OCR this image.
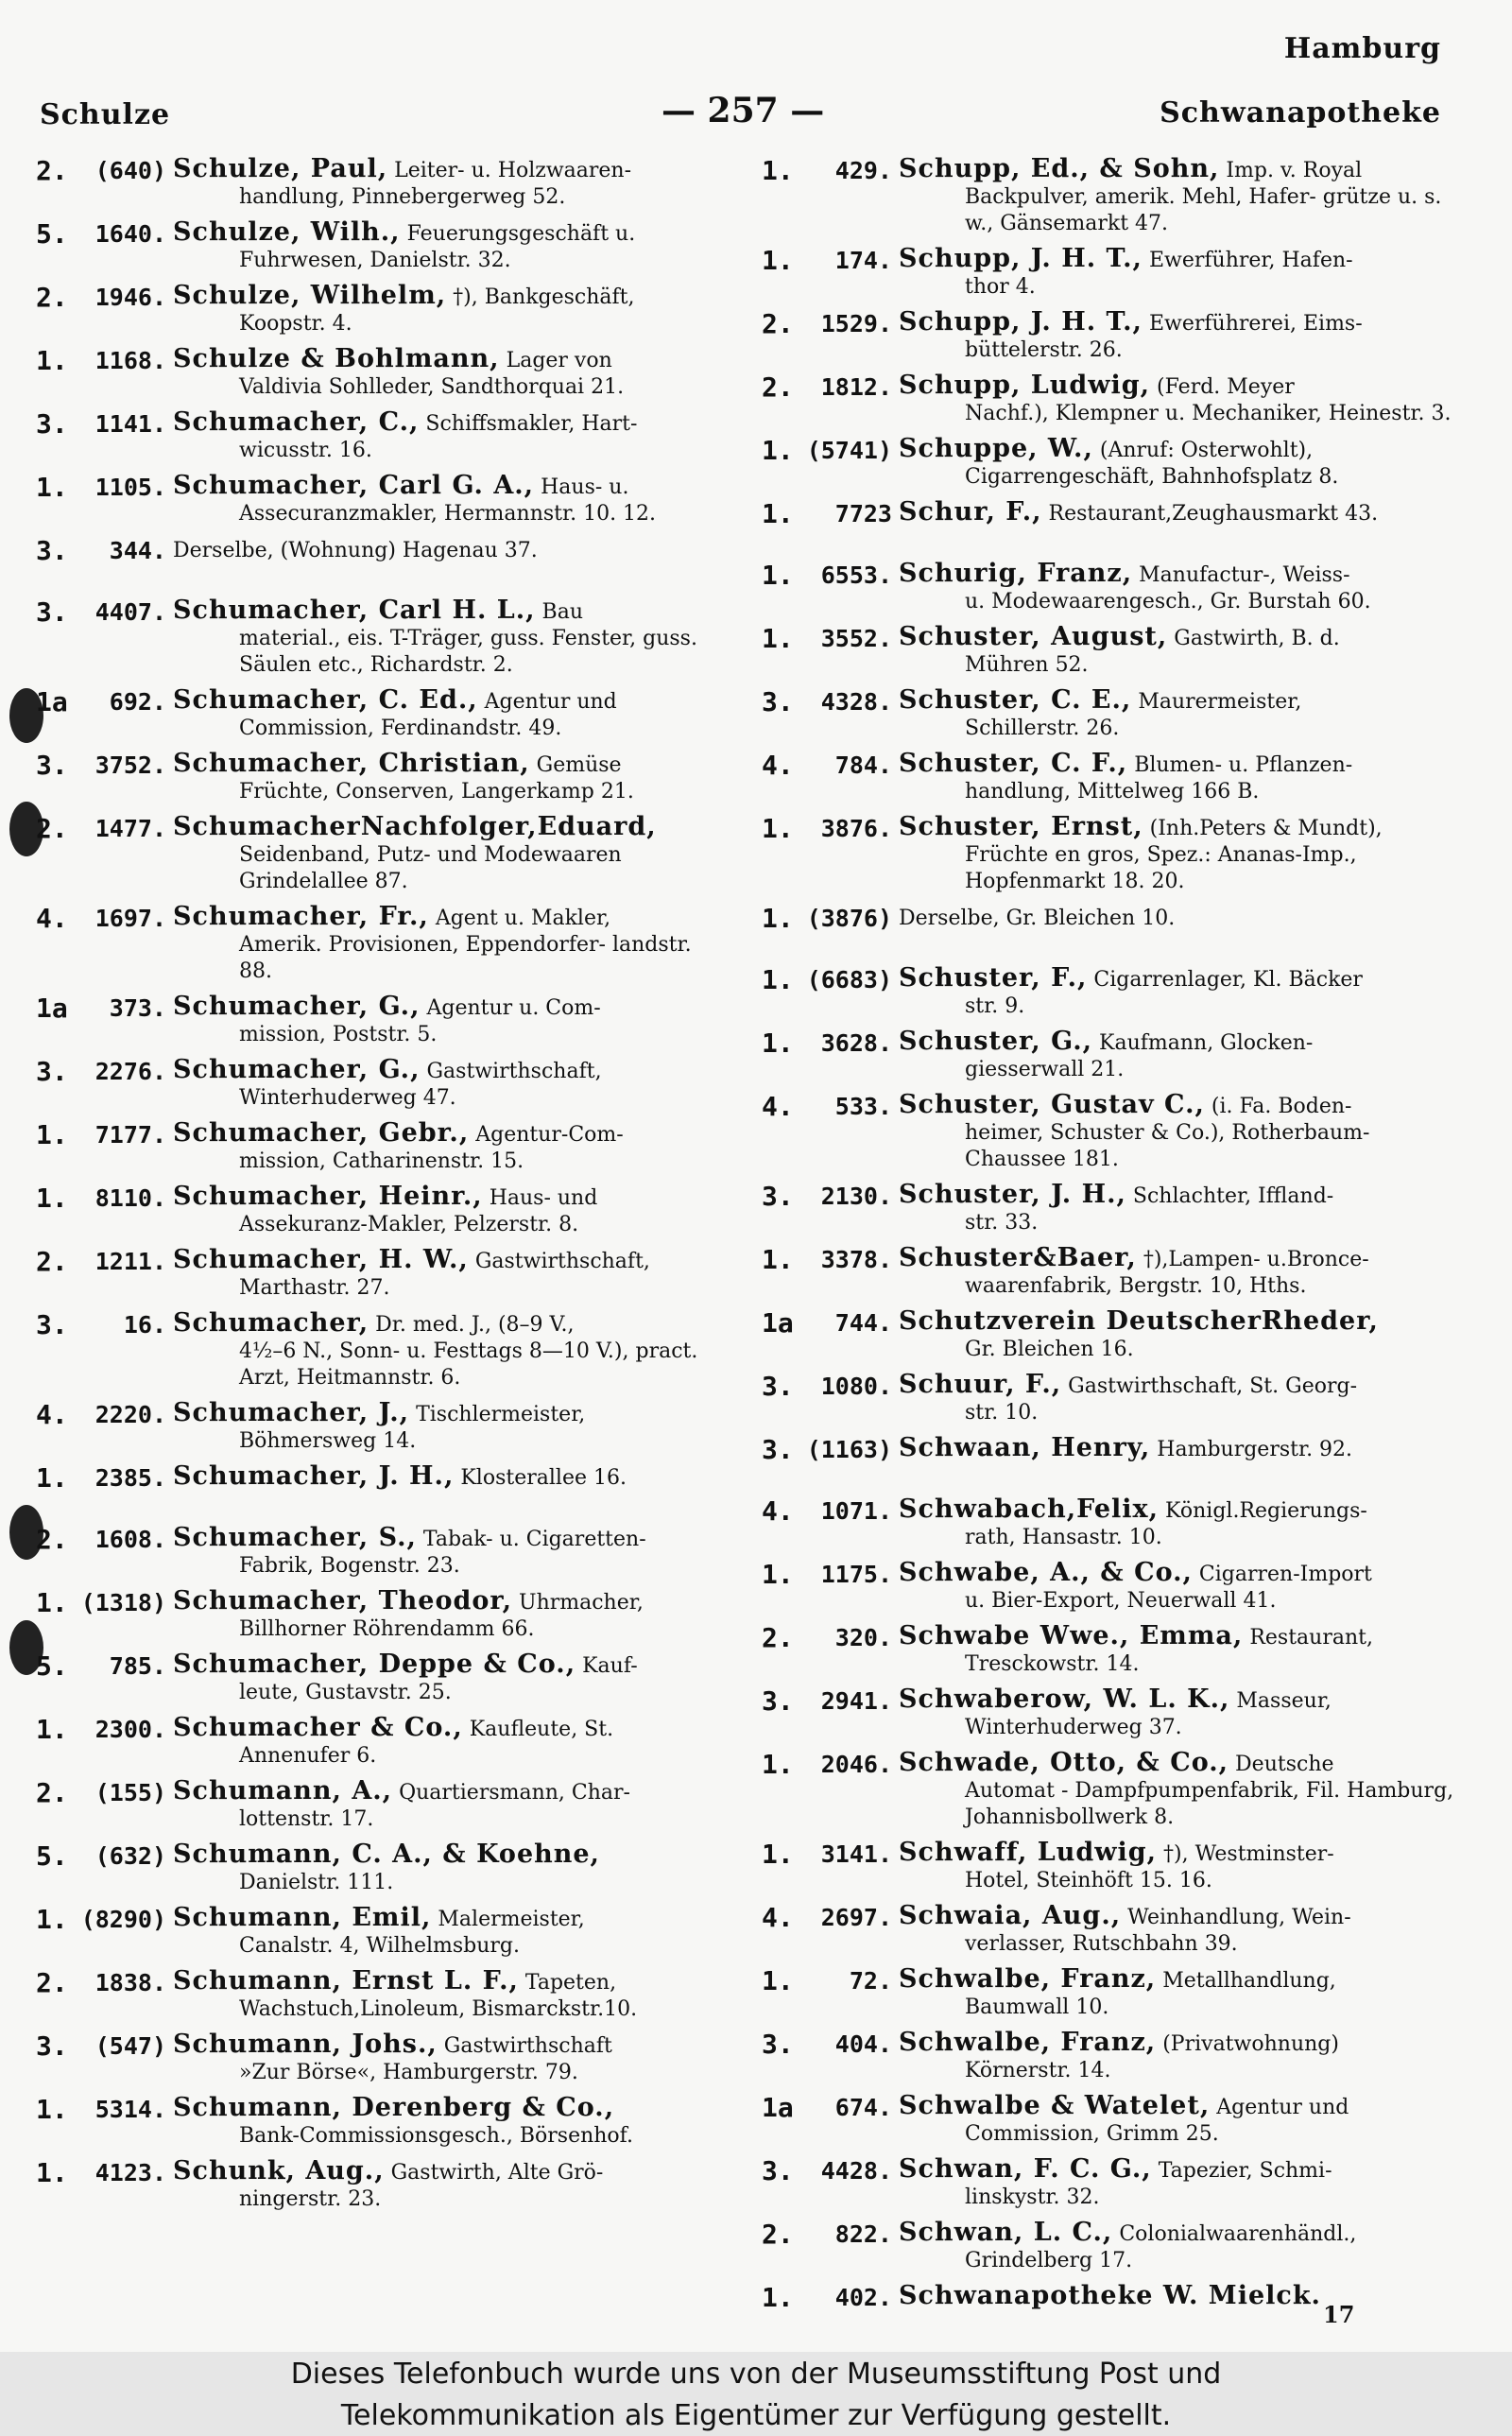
Hamburg
Schulze	— 257 —	Schwanapotheke
2.	(640) Schulze, Paul, Leiter- u. Holzwaaren-
handlung, Pinnebergerweg 52.
5.	1640. Schulze, Wilh., Feuerungsgeschäft u.
Fuhrwesen, Danielstr. 32.
2.	1946. Schulze, Wilhelm, †), Bankgeschäft,
Koopstr. 4.
1.	1168. Schulze & Bohlmann, Lager von
Valdivia Sohlleder, Sandthorquai 21.
3.	1141. Schumacher, C., Schiffsmakler, Hart-
wicusstr. 16.
1.	1105. Schumacher, Carl G. A., Haus- u.
Assecuranzmakler, Hermannstr. 10. 12.
3.	344. Derselbe, (Wohnung) Hagenau 37.
3.	4407. Schumacher, Carl H. L., Bau
material., eis. T-Träger, guss. Fenster, guss. Säulen etc., Richardstr. 2.
1a	692. Schumacher, C. Ed., Agentur und
Commission, Ferdinandstr. 49.
3.	3752. Schumacher, Christian, Gemüse
Früchte, Conserven, Langerkamp 21.
2.	1477. SchumacherNachfolger,Eduard,
Seidenband, Putz- und Modewaaren Grindelallee 87.
4.	1697. Schumacher, Fr., Agent u. Makler,
Amerik. Provisionen, Eppendorfer- landstr. 88.
1a	373. Schumacher, G., Agentur u. Com-
mission, Poststr. 5.
3.	2276. Schumacher, G., Gastwirthschaft,
Winterhuderweg 47.
1.	7177. Schumacher, Gebr., Agentur-Com-
mission, Catharinenstr. 15.
1.	8110. Schumacher, Heinr., Haus- und
Assekuranz-Makler, Pelzerstr. 8.
2.	1211. Schumacher, H. W., Gastwirthschaft,
Marthastr. 27.
3.	16. Schumacher, Dr. med. J., (8–9 V.,
4½–6 N., Sonn- u. Festtags 8—10 V.), pract. Arzt, Heitmannstr. 6.
4.	2220. Schumacher, J., Tischlermeister,
Böhmersweg 14.
1.	2385. Schumacher, J. H., Klosterallee 16.
2.	1608. Schumacher, S., Tabak- u. Cigaretten-
Fabrik, Bogenstr. 23.
1. (1318) Schumacher, Theodor, Uhrmacher,
Billhorner Röhrendamm 66.
5.	785. Schumacher, Deppe & Co., Kauf-
leute, Gustavstr. 25.
1.	2300. Schumacher & Co., Kaufleute, St.
Annenufer 6.
2.	(155) Schumann, A., Quartiersmann, Char-
lottenstr. 17.
5.	(632) Schumann, C. A., & Koehne,
Danielstr. 111.
1. (8290) Schumann, Emil, Malermeister,
Canalstr. 4, Wilhelmsburg.
2.	1838. Schumann, Ernst L. F., Tapeten,
Wachstuch,Linoleum, Bismarckstr.10.
3.	(547) Schumann, Johs., Gastwirthschaft
»Zur Börse«, Hamburgerstr. 79.
1.	5314. Schumann, Derenberg & Co.,
Bank-Commissionsgesch., Börsenhof.
1.	4123. Schunk, Aug., Gastwirth, Alte Grö-
ningerstr. 23.
1.	429. Schupp, Ed., & Sohn, Imp. v. Royal
Backpulver, amerik. Mehl, Hafer- grütze u. s. w., Gänsemarkt 47.
1.	174. Schupp, J. H. T., Ewerführer, Hafen-
thor 4.
2.	1529. Schupp, J. H. T., Ewerführerei, Eims-
büttelerstr. 26.
2.	1812. Schupp, Ludwig, (Ferd. Meyer
Nachf.), Klempner u. Mechaniker, Heinestr. 3.
1. (5741) Schuppe, W., (Anruf: Osterwohlt),
Cigarrengeschäft, Bahnhofsplatz 8.
1.	7723 Schur, F., Restaurant,Zeughausmarkt 43.
1.	6553. Schurig, Franz, Manufactur-, Weiss-
u. Modewaarengesch., Gr. Burstah 60.
1.	3552. Schuster, August, Gastwirth, B. d.
Mühren 52.
3.	4328. Schuster, C. E., Maurermeister,
Schillerstr. 26.
4.	784. Schuster, C. F., Blumen- u. Pflanzen-
handlung, Mittelweg 166 B.
1.	3876. Schuster, Ernst, (Inh.Peters & Mundt),
Früchte en gros, Spez.: Ananas-Imp., Hopfenmarkt 18. 20.
1. (3876) Derselbe, Gr. Bleichen 10.
1. (6683) Schuster, F., Cigarrenlager, Kl. Bäcker
str. 9.
1.	3628. Schuster, G., Kaufmann, Glocken-
giesserwall 21.
4.	533. Schuster, Gustav C., (i. Fa. Boden-
heimer, Schuster & Co.), Rotherbaum- Chaussee 181.
3.	2130. Schuster, J. H., Schlachter, Iffland-
str. 33.
1.	3378. Schuster&Baer, †),Lampen- u.Bronce-
waarenfabrik, Bergstr. 10, Hths.
1a	744. Schutzverein DeutscherRheder,
Gr. Bleichen 16.
3.	1080. Schuur, F., Gastwirthschaft, St. Georg-
str. 10.
3. (1163) Schwaan, Henry, Hamburgerstr. 92.
4.	1071. Schwabach,Felix, Königl.Regierungs-
rath, Hansastr. 10.
1.	1175. Schwabe, A., & Co., Cigarren-Import
u. Bier-Export, Neuerwall 41.
2.	320. Schwabe Wwe., Emma, Restaurant,
Tresckowstr. 14.
3.	2941. Schwaberow, W. L. K., Masseur,
Winterhuderweg 37.
1.	2046. Schwade, Otto, & Co., Deutsche
Automat - Dampfpumpenfabrik, Fil. Hamburg, Johannisbollwerk 8.
1.	3141. Schwaff, Ludwig, †), Westminster-
Hotel, Steinhöft 15. 16.
4.	2697. Schwaia, Aug., Weinhandlung, Wein-
verlasser, Rutschbahn 39.
1.	72. Schwalbe, Franz, Metallhandlung,
Baumwall 10.
3.	404. Schwalbe, Franz, (Privatwohnung)
Körnerstr. 14.
1a	674. Schwalbe & Watelet, Agentur und
Commission, Grimm 25.
3.	4428. Schwan, F. C. G., Tapezier, Schmi-
linskystr. 32.
2.	822. Schwan, L. C., Colonialwaarenhändl.,
Grindelberg 17.
1.	402. Schwanapotheke W. Mielck.
17
Dieses Telefonbuch wurde uns von der Museumsstiftung Post und
Telekommunikation als Eigentümer zur Verfügung gestellt.
